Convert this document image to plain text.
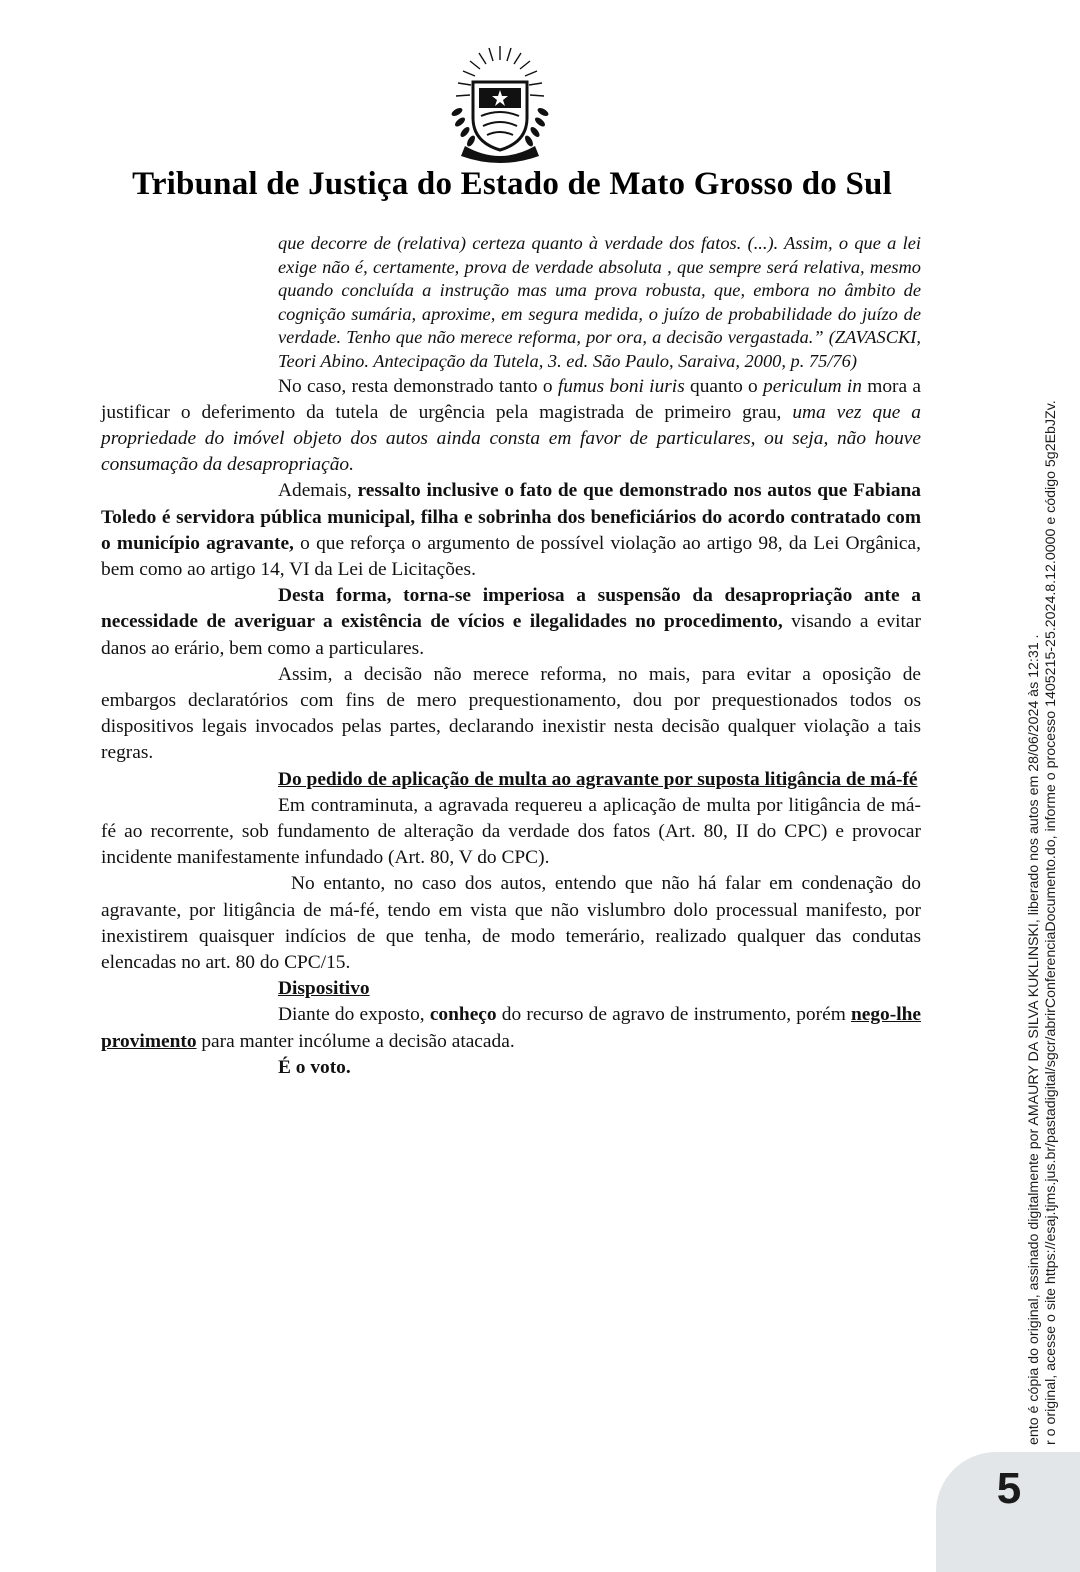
Tribunal de Justiça do Estado de Mato Grosso do Sul

que decorre de (relativa) certeza quanto à verdade dos fatos. (...). Assim, o que a lei exige não é, certamente, prova de verdade absoluta , que sempre será relativa, mesmo quando concluída a instrução mas uma prova robusta, que, embora no âmbito de cognição sumária, aproxime, em segura medida, o juízo de probabilidade do juízo de verdade. Tenho que não merece reforma, por ora, a decisão vergastada.” (ZAVASCKI, Teori Abino. Antecipação da Tutela, 3. ed. São Paulo, Saraiva, 2000, p. 75/76)

No caso, resta demonstrado tanto o fumus boni iuris quanto o periculum in mora a justificar o deferimento da tutela de urgência pela magistrada de primeiro grau, uma vez que a propriedade do imóvel objeto dos autos ainda consta em favor de particulares, ou seja, não houve consumação da desapropriação.

Ademais, ressalto inclusive o fato de que demonstrado nos autos que Fabiana Toledo é servidora pública municipal, filha e sobrinha dos beneficiários do acordo contratado com o município agravante, o que reforça o argumento de possível violação ao artigo 98, da Lei Orgânica, bem como ao artigo 14, VI da Lei de Licitações.

Desta forma, torna-se imperiosa a suspensão da desapropriação ante a necessidade de averiguar a existência de vícios e ilegalidades no procedimento, visando a evitar danos ao erário, bem como a particulares.

Assim, a decisão não merece reforma, no mais, para evitar a oposição de embargos declaratórios com fins de mero prequestionamento, dou por prequestionados todos os dispositivos legais invocados pelas partes, declarando inexistir nesta decisão qualquer violação a tais regras.

Do pedido de aplicação de multa ao agravante por suposta litigância de má-fé

Em contraminuta, a agravada requereu a aplicação de multa por litigância de má-fé ao recorrente, sob fundamento de alteração da verdade dos fatos (Art. 80, II do CPC) e provocar incidente manifestamente infundado (Art. 80, V do CPC).

No entanto, no caso dos autos, entendo que não há falar em condenação do agravante, por litigância de má-fé, tendo em vista que não vislumbro dolo processual manifesto, por inexistirem quaisquer indícios de que tenha, de modo temerário, realizado qualquer das condutas elencadas no art. 80 do CPC/15.

Dispositivo

Diante do exposto, conheço do recurso de agravo de instrumento, porém nego-lhe provimento para manter incólume a decisão atacada.

É o voto.	ento é cópia do original, assinado digitalmente por AMAURY DA SILVA KUKLINSKI, liberado nos autos em 28/06/2024 às 12:31 . r o original, acesse o site https://esaj.tjms.jus.br/pastadigital/sgcr/abrirConferenciaDocumento.do, informe o processo 1405215-25.2024.8.12.0000 e código 5g2EbJZv.
5
